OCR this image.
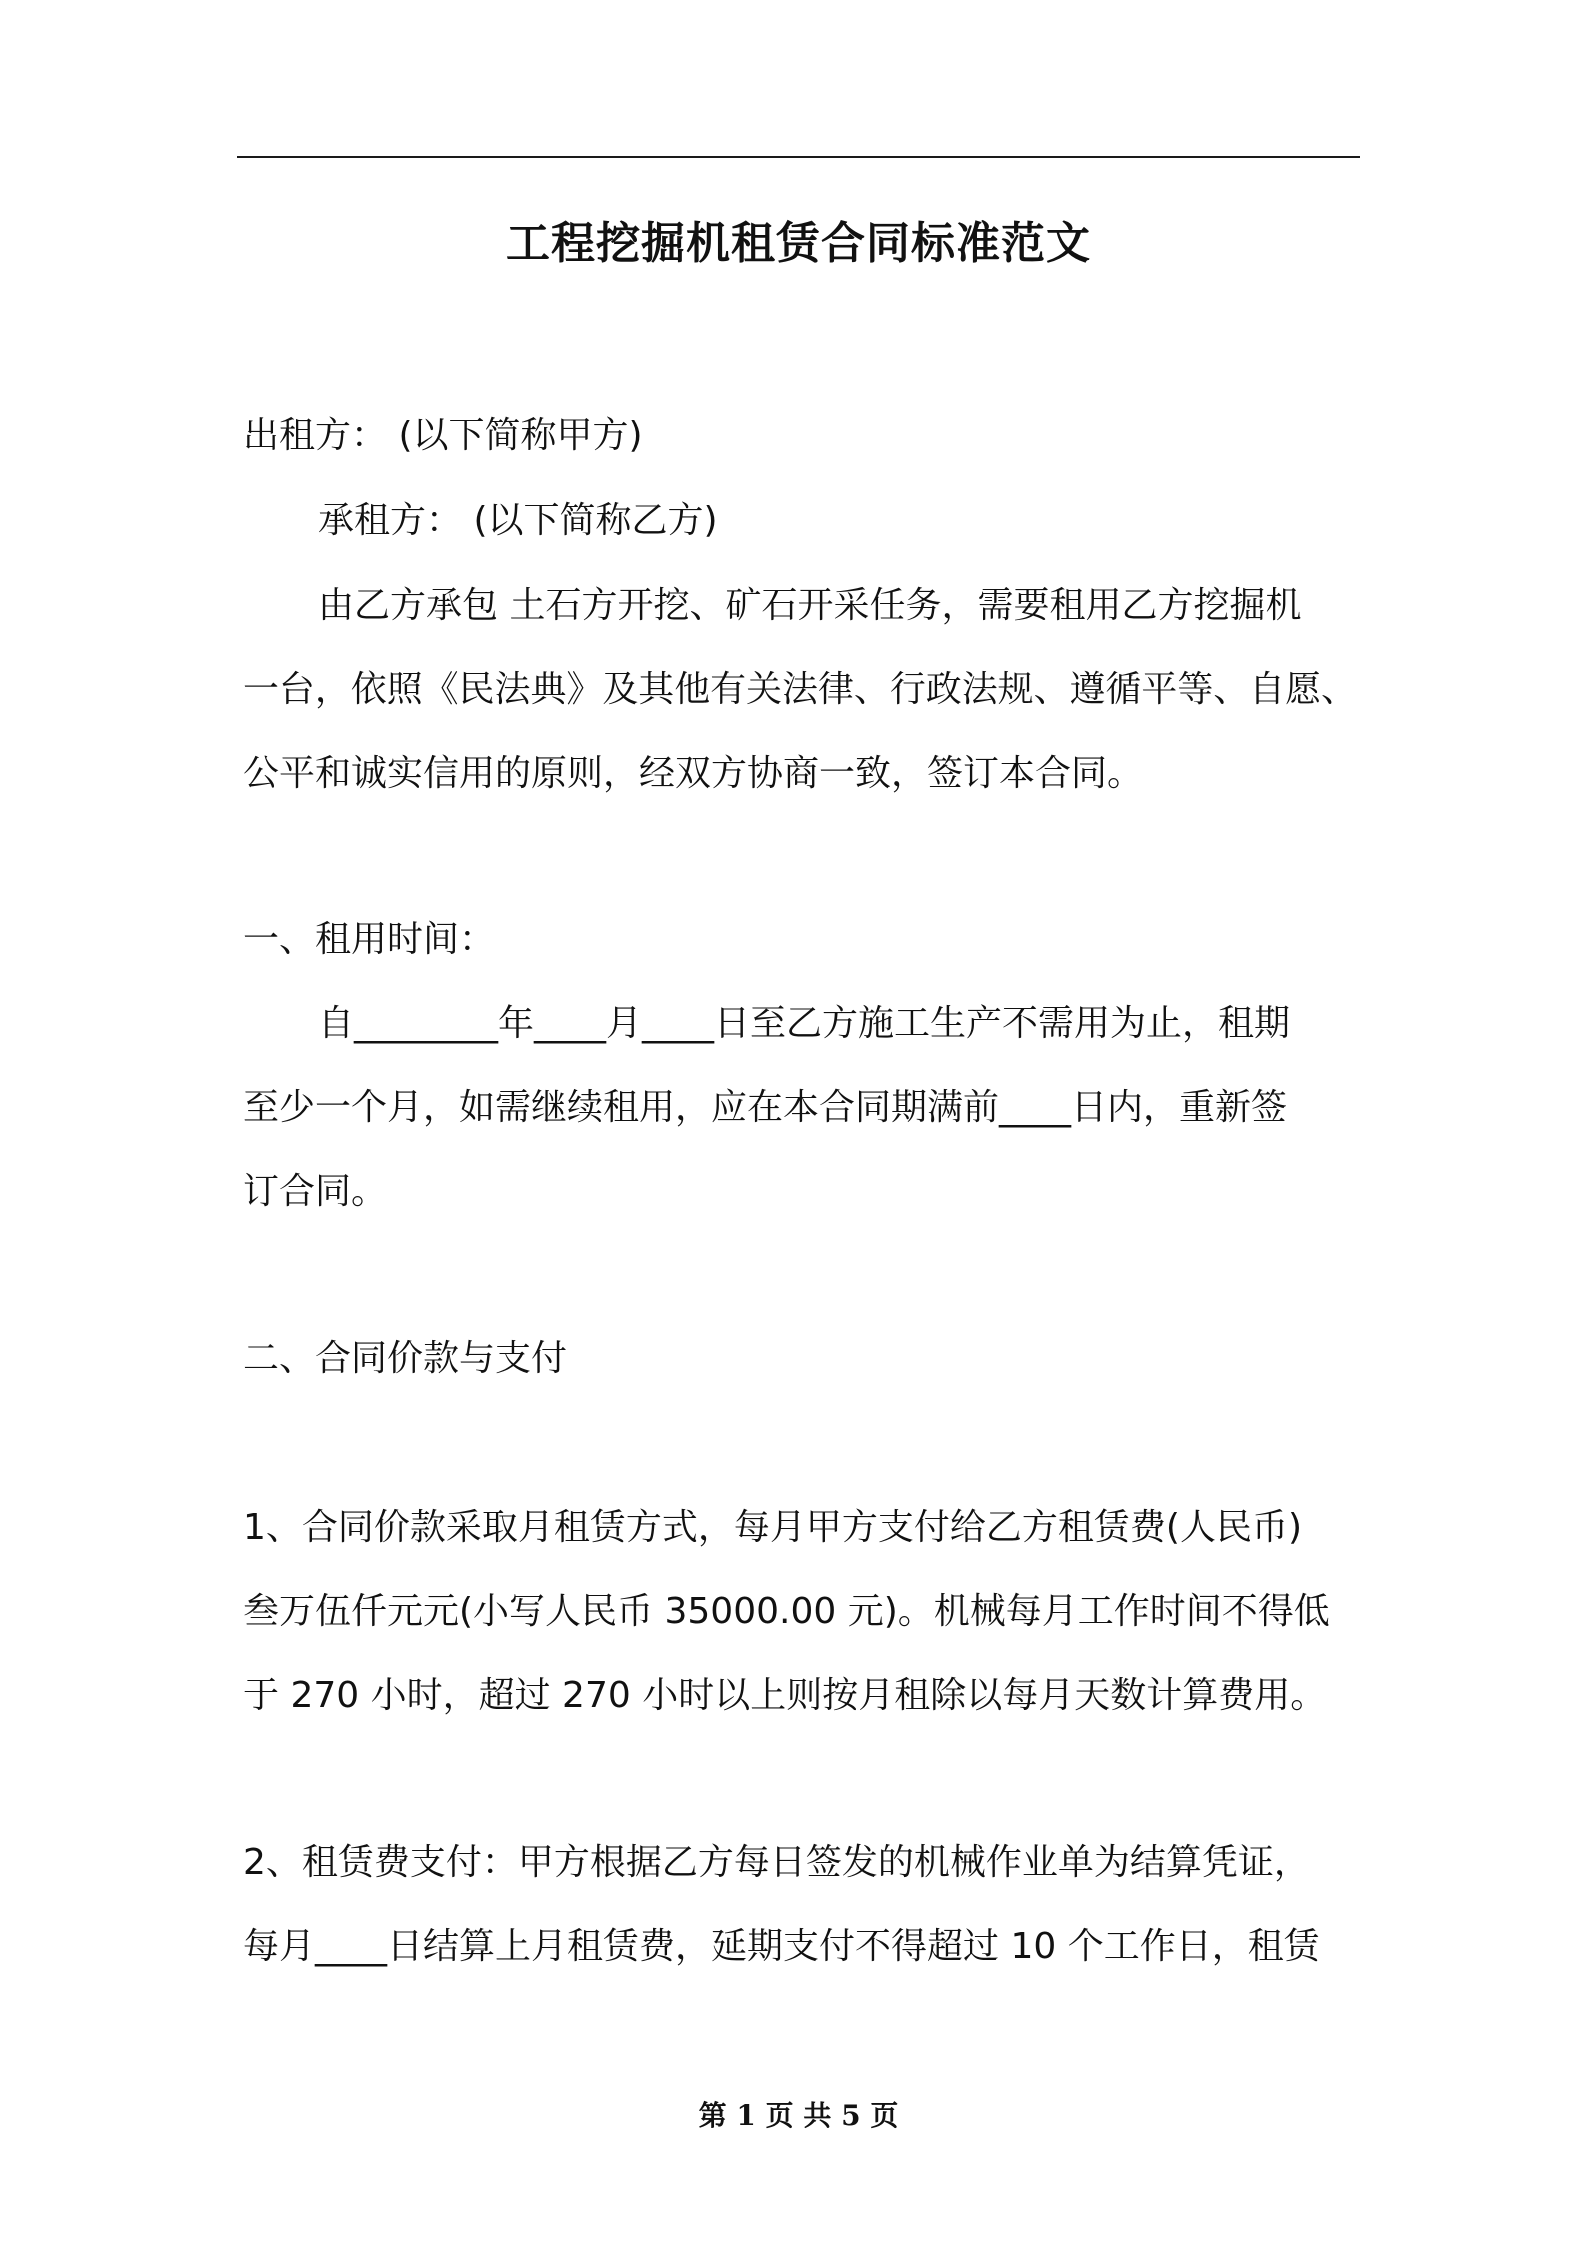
工程挖掘机租赁合同标准范文
出租方： (以下简称甲方)
承租方： (以下简称乙方)
由乙方承包 土石方开挖、矿石开采任务，需要租用乙方挖掘机
一台，依照《民法典》及其他有关法律、行政法规、遵循平等、自愿、
公平和诚实信用的原则，经双方协商一致，签订本合同。
一、租用时间：
自________年____月____日至乙方施工生产不需用为止，租期
至少一个月，如需继续租用，应在本合同期满前____日内，重新签
订合同。
二、合同价款与支付
1、合同价款采取月租赁方式，每月甲方支付给乙方租赁费(人民币)
叁万伍仟元元(小写人民币 35000.00 元)。机械每月工作时间不得低
于 270 小时，超过 270 小时以上则按月租除以每月天数计算费用。
2、租赁费支付：甲方根据乙方每日签发的机械作业单为结算凭证，
每月____日结算上月租赁费，延期支付不得超过 10 个工作日，租赁
第 1 页 共 5 页
